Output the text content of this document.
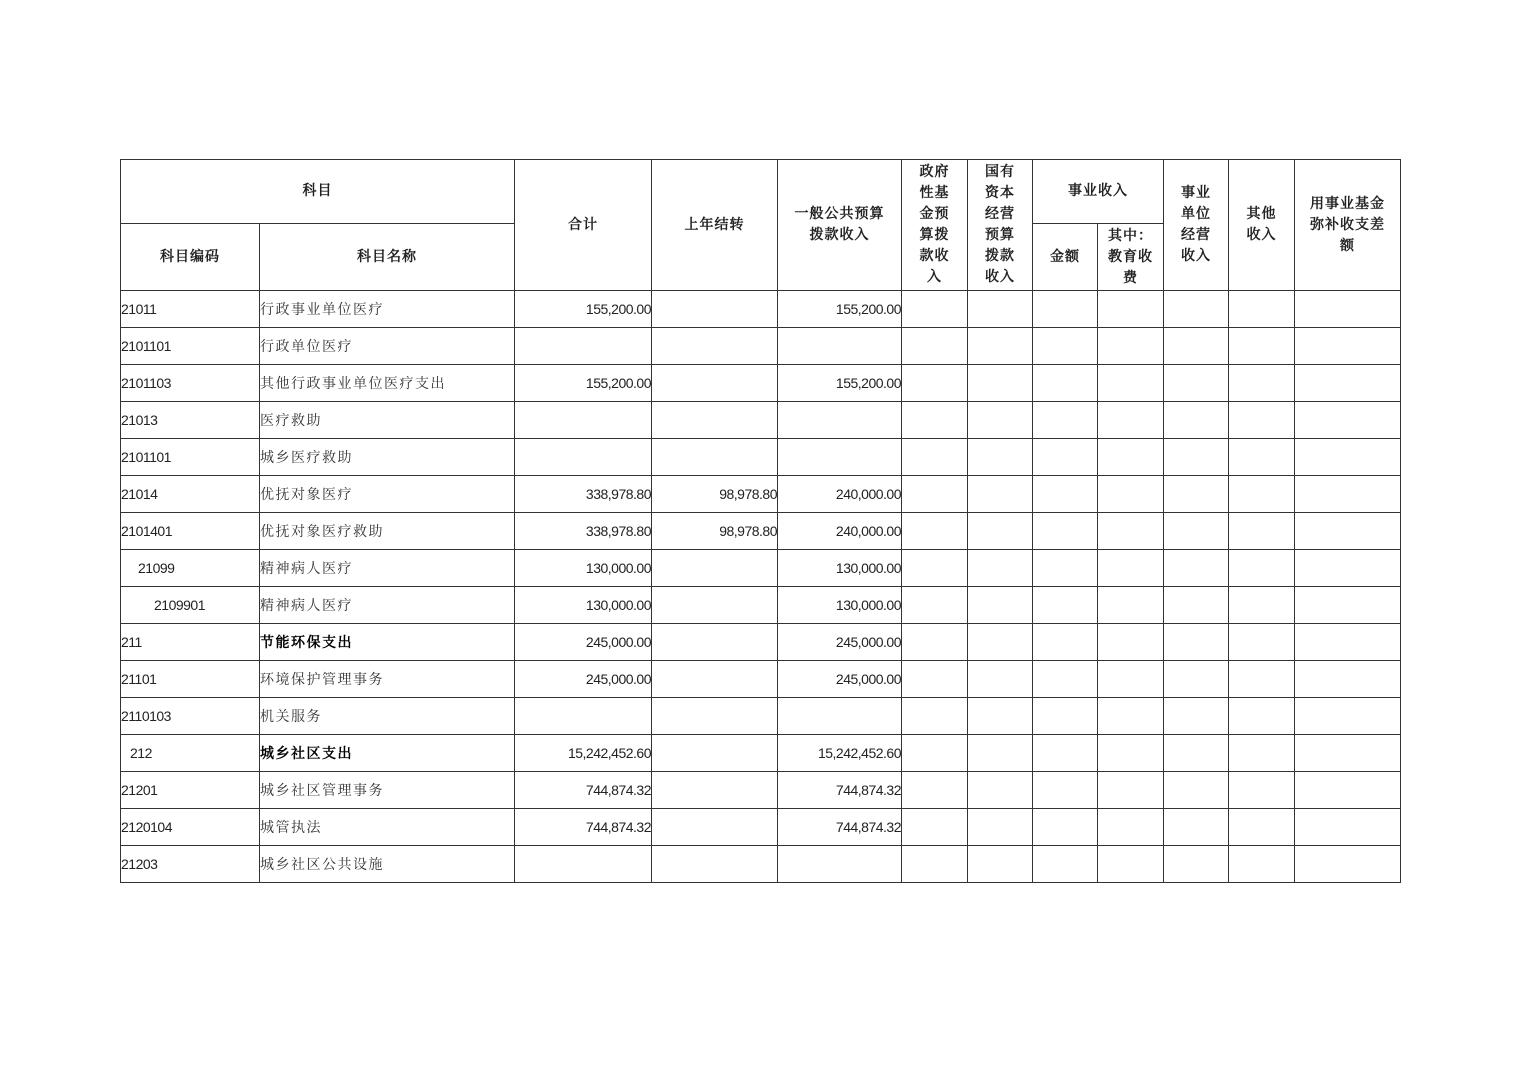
科目		合计	上年结转	一般公共预算拨款收入	政府性基金预算拨款收入	国有资本经营预算拨款收入	事业收入		事业单位经营收入	其他收入	用事业基金弥补收支差额

科目编码	科目名称						金额	其中：教育收费			

21011	行政事业单位医疗	155,200.00		155,200.00							
2101101	行政单位医疗										
2101103	其他行政事业单位医疗支出	155,200.00		155,200.00							
21013	医疗救助										
2101101	城乡医疗救助										
21014	优抚对象医疗	338,978.80	98,978.80	240,000.00							
2101401	优抚对象医疗救助	338,978.80	98,978.80	240,000.00							
21099	精神病人医疗	130,000.00		130,000.00							
2109901	精神病人医疗	130,000.00		130,000.00							
211	节能环保支出	245,000.00		245,000.00							
21101	环境保护管理事务	245,000.00		245,000.00							
2110103	机关服务										
212	城乡社区支出	15,242,452.60		15,242,452.60							
21201	城乡社区管理事务	744,874.32		744,874.32							
2120104	城管执法	744,874.32		744,874.32							
21203	城乡社区公共设施										
